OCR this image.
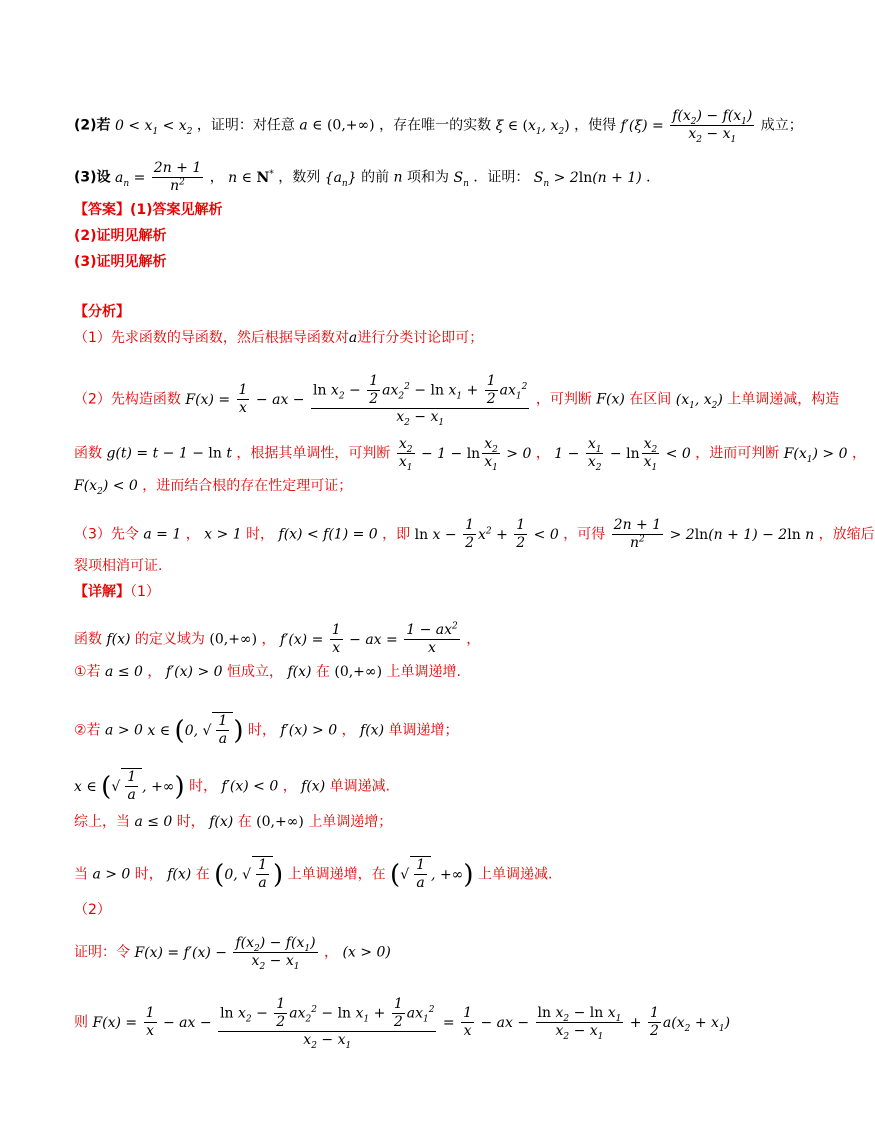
(2)若 $0 < x_1 < x_2$ ，证明：对任意 a ∈ (0,+∞) ，存在唯一的实数 ξ ∈ ($x_1$, $x_2$) ，使得 $f'(\xi) = \frac{f(x_2) - f(x_1)}{x_2 - x_1}$ 成立；
(3)设 $a_n = \frac{2n + 1}{n^2}$ ， n ∈ N* ，数列 $\{a_n\}$ 的前 n 项和为 $S_n$ ．证明： $S_n > 2\ln(n + 1)$ ．
【答案】(1)答案见解析
(2)证明见解析
(3)证明见解析
【分析】
（1）先求函数的导函数，然后根据导函数对a进行分类讨论即可；
（2）先构造函数 $F(x) = \frac{1}{x}$ − ax − $\frac{\ln x_2 - \frac{1}{2} ax_2^2 - \ln x_1 + \frac{1}{2} ax_1^2}{x_2 - x_1}$ ，可判断 F(x) 在区间 ($x_1$, $x_2$) 上单调递减，构造
函数 g(t) = t − 1 − ln t ，根据其单调性，可判断 $\frac{x_2}{x_1} - 1 - \ln \frac{x_2}{x_1} > 0$ ， $1 - \frac{x_1}{x_2} - \ln \frac{x_2}{x_1} < 0$ ，进而可判断 $F(x_1) > 0$ ，
$F(x_2) < 0$ ，进而结合根的存在性定理可证；
（3）先令 a = 1 ， x > 1 时， f(x) < f(1) = 0 ，即 $\ln x - \frac{1}{2} x^2 + \frac{1}{2} < 0$ ，可得 $\frac{2n + 1}{n^2} > 2\ln(n + 1) - 2\ln$ n ，放缩后
裂项相消可证.
【详解】（1）
函数 f(x) 的定义域为 (0,+∞) ， $f'(x) = \frac{1}{x}$ − ax = $\frac{1 - ax^2}{x}$ ，
①若 a ≤ 0 ， f′(x) > 0 恒成立， f(x) 在 (0,+∞) 上单调递增.
②若 a > 0 x ∈ (0, √ $\frac{1}{a}$ ) 时， f′(x) > 0 ， f(x) 单调递增；
x ∈ (√ $\frac{1}{a}$ , +∞) 时， f′(x) < 0 ， f(x) 单调递减.
综上，当 a ≤ 0 时， f(x) 在 (0,+∞) 上单调递增；
当 a > 0 时， f(x) 在 (0, √ $\frac{1}{a}$ ) 上单调递增，在 (√ $\frac{1}{a}$ , +∞) 上单调递减.
（2）
证明：令 $F(x) = f'(x) - \frac{f(x_2) - f(x_1)}{x_2 - x_1}$ ， (x > 0)
则 $F(x) = \frac{1}{x}$ − ax − $\frac{\ln x_2 - \frac{1}{2} ax_2^2 - \ln x_1 + \frac{1}{2} ax_1^2}{x_2 - x_1} = \frac{1}{x}$ − ax − $\frac{\ln x_2 - \ln x_1}{x_2 - x_1} + \frac{1}{2} a(x_2 + x_1)$
